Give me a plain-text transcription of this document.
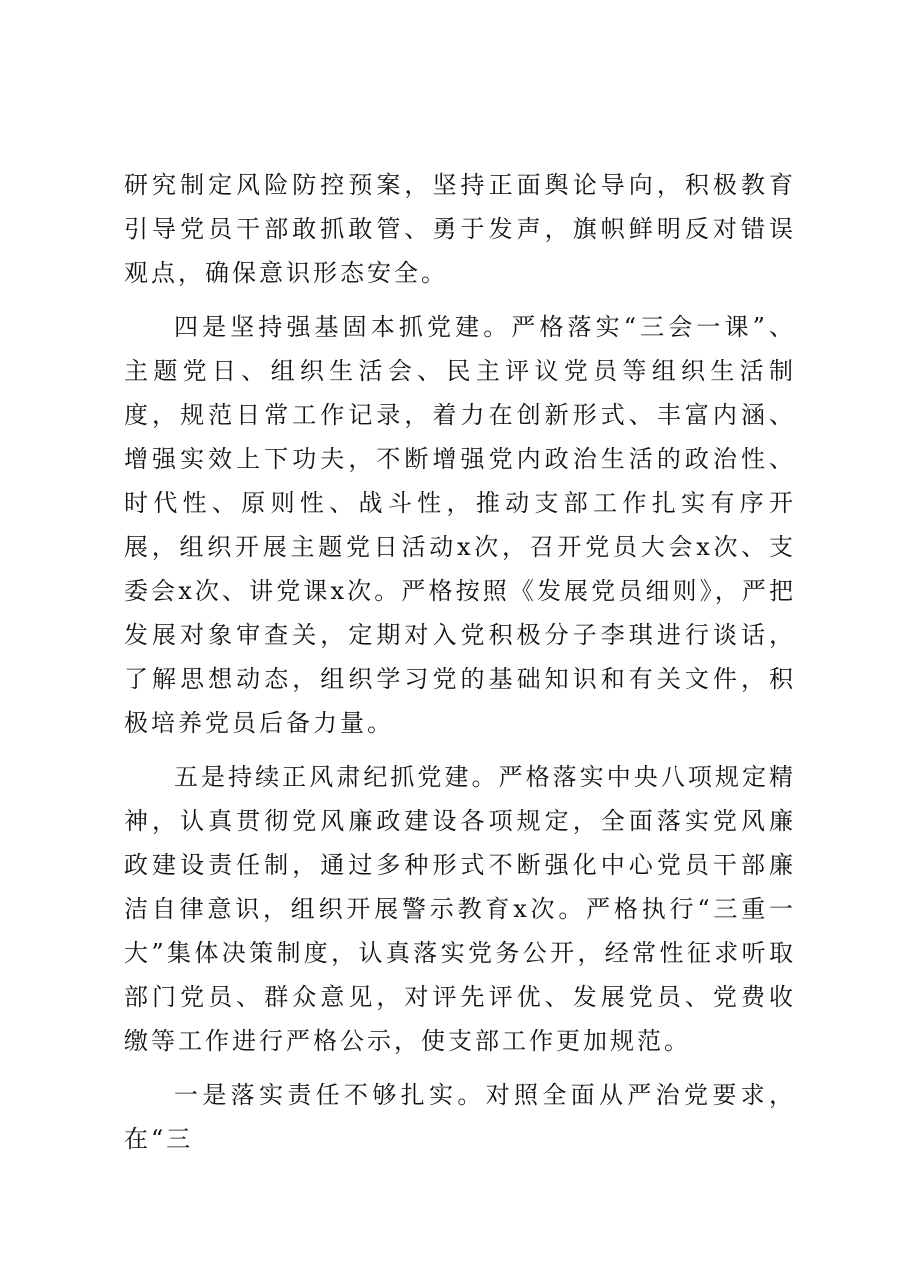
研究制定风险防控预案，坚持正面舆论导向，积极教育引导党员干部敢抓敢管、勇于发声，旗帜鲜明反对错误观点，确保意识形态安全。

四是坚持强基固本抓党建。严格落实“三会一课”、主题党日、组织生活会、民主评议党员等组织生活制度，规范日常工作记录，着力在创新形式、丰富内涵、增强实效上下功夫，不断增强党内政治生活的政治性、时代性、原则性、战斗性，推动支部工作扎实有序开展，组织开展主题党日活动x次，召开党员大会x次、支委会x次、讲党课x次。严格按照《发展党员细则》，严把发展对象审查关，定期对入党积极分子李琪进行谈话，了解思想动态，组织学习党的基础知识和有关文件，积极培养党员后备力量。

五是持续正风肃纪抓党建。严格落实中央八项规定精神，认真贯彻党风廉政建设各项规定，全面落实党风廉政建设责任制，通过多种形式不断强化中心党员干部廉洁自律意识，组织开展警示教育x次。严格执行“三重一大”集体决策制度，认真落实党务公开，经常性征求听取部门党员、群众意见，对评先评优、发展党员、党费收缴等工作进行严格公示，使支部工作更加规范。

一是落实责任不够扎实。对照全面从严治党要求，在“三
